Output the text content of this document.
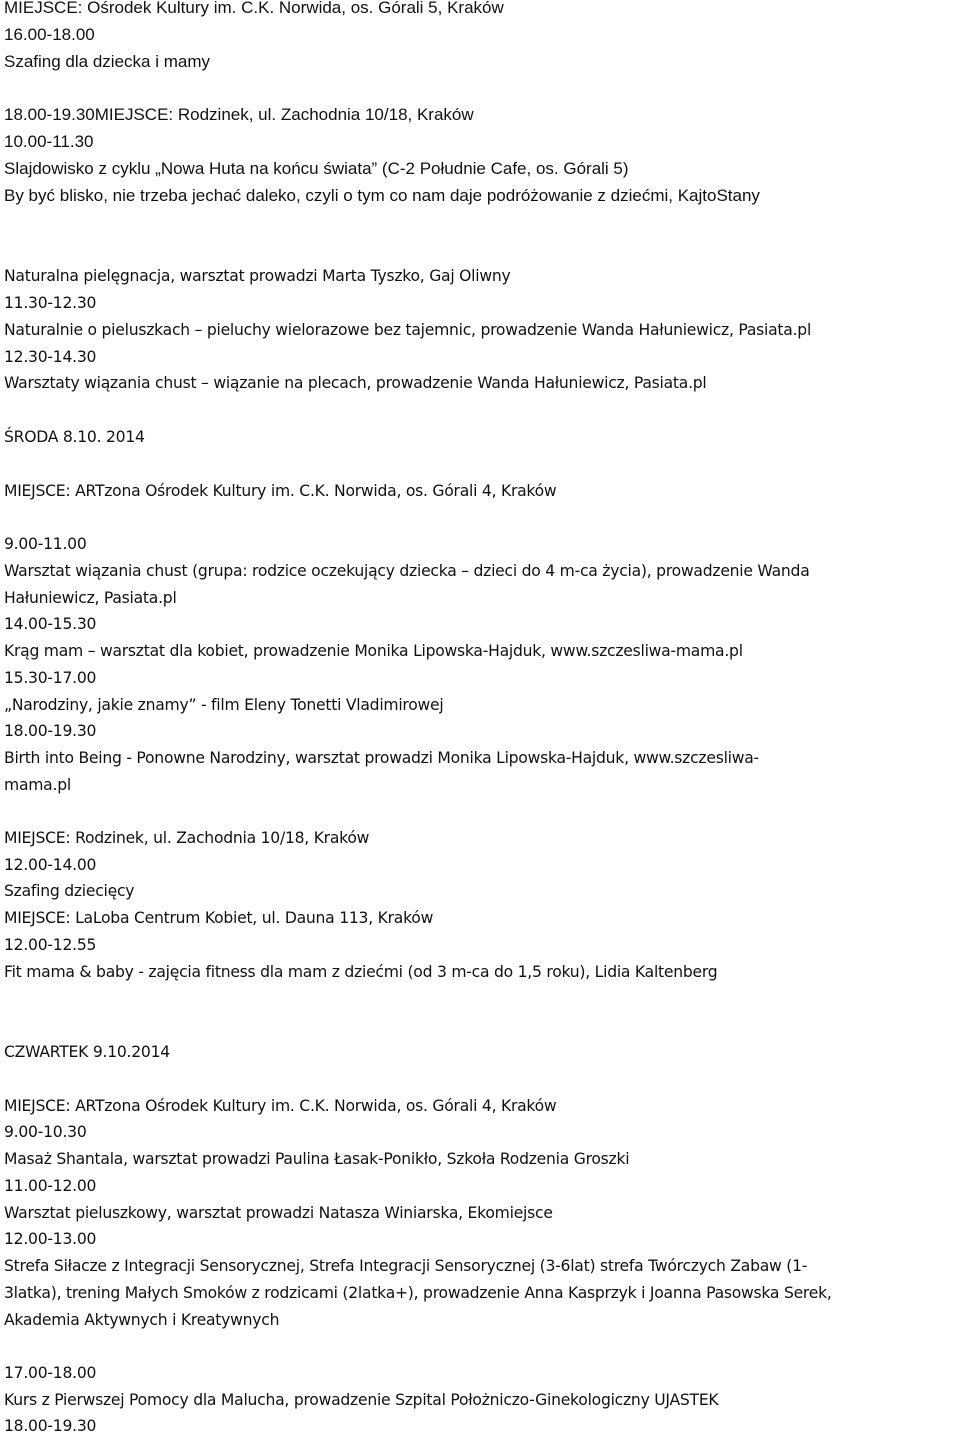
MIEJSCE: Ośrodek Kultury im. C.K. Norwida, os. Górali 5, Kraków
16.00-18.00
Szafing dla dziecka i mamy
18.00-19.30MIEJSCE: Rodzinek, ul. Zachodnia 10/18, Kraków
10.00-11.30
Slajdowisko z cyklu „Nowa Huta na końcu świata” (C-2 Południe Cafe, os. Górali 5)
By być blisko, nie trzeba jechać daleko, czyli o tym co nam daje podróżowanie z dziećmi, KajtoStany
Naturalna pielęgnacja, warsztat prowadzi Marta Tyszko, Gaj Oliwny
11.30-12.30
Naturalnie o pieluszkach – pieluchy wielorazowe bez tajemnic, prowadzenie Wanda Hałuniewicz, Pasiata.pl
12.30-14.30
Warsztaty wiązania chust – wiązanie na plecach, prowadzenie Wanda Hałuniewicz, Pasiata.pl
ŚRODA 8.10. 2014
MIEJSCE: ARTzona Ośrodek Kultury im. C.K. Norwida, os. Górali 4, Kraków
9.00-11.00
Warsztat wiązania chust (grupa: rodzice oczekujący dziecka – dzieci do 4 m-ca życia), prowadzenie Wanda
Hałuniewicz, Pasiata.pl
14.00-15.30
Krąg mam – warsztat dla kobiet, prowadzenie Monika Lipowska-Hajduk, www.szczesliwa-mama.pl
15.30-17.00
„Narodziny, jakie znamy” - film Eleny Tonetti Vladimirowej
18.00-19.30
Birth into Being - Ponowne Narodziny, warsztat prowadzi Monika Lipowska-Hajduk, www.szczesliwa-
mama.pl
MIEJSCE: Rodzinek, ul. Zachodnia 10/18, Kraków
12.00-14.00
Szafing dziecięcy
MIEJSCE: LaLoba Centrum Kobiet, ul. Dauna 113, Kraków
12.00-12.55
Fit mama & baby - zajęcia fitness dla mam z dziećmi (od 3 m-ca do 1,5 roku), Lidia Kaltenberg
CZWARTEK 9.10.2014
MIEJSCE: ARTzona Ośrodek Kultury im. C.K. Norwida, os. Górali 4, Kraków
9.00-10.30
Masaż Shantala, warsztat prowadzi Paulina Łasak-Ponikło, Szkoła Rodzenia Groszki
11.00-12.00
Warsztat pieluszkowy, warsztat prowadzi Natasza Winiarska, Ekomiejsce
12.00-13.00
Strefa Siłacze z Integracji Sensorycznej, Strefa Integracji Sensorycznej (3-6lat) strefa Twórczych Zabaw (1-
3latka), trening Małych Smoków z rodzicami (2latka+), prowadzenie Anna Kasprzyk i Joanna Pasowska Serek,
Akademia Aktywnych i Kreatywnych
17.00-18.00
Kurs z Pierwszej Pomocy dla Malucha, prowadzenie Szpital Położniczo-Ginekologiczny UJASTEK
18.00-19.30
